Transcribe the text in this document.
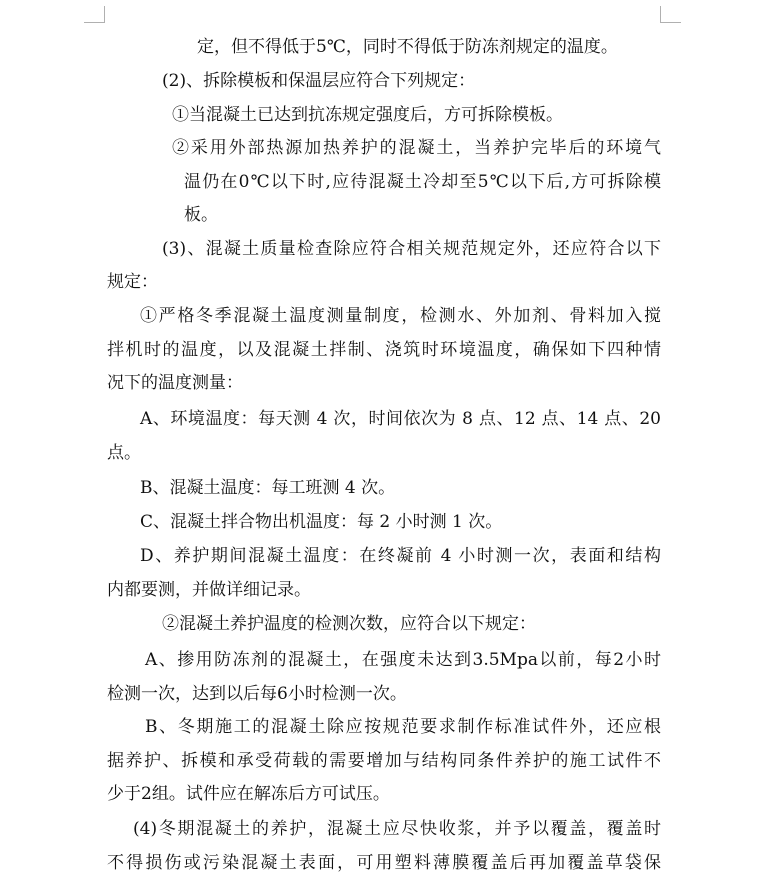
定，但不得低于5℃，同时不得低于防冻剂规定的温度。
(2)、拆除模板和保温层应符合下列规定：
①当混凝土已达到抗冻规定强度后，方可拆除模板。
②采用外部热源加热养护的混凝土，当养护完毕后的环境气
温仍在0℃以下时,应待混凝土冷却至5℃以下后,方可拆除模
板。
(3)、混凝土质量检查除应符合相关规范规定外，还应符合以下
规定：
①严格冬季混凝土温度测量制度，检测水、外加剂、骨料加入搅
拌机时的温度，以及混凝土拌制、浇筑时环境温度，确保如下四种情
况下的温度测量：
A、环境温度：每天测 4 次，时间依次为 8 点、12 点、14 点、20
点。
B、混凝土温度：每工班测 4 次。
C、混凝土拌合物出机温度：每 2 小时测 1 次。
D、养护期间混凝土温度：在终凝前 4 小时测一次，表面和结构
内都要测，并做详细记录。
②混凝土养护温度的检测次数，应符合以下规定：
A、掺用防冻剂的混凝土，在强度未达到3.5Mpa以前，每2小时
检测一次，达到以后每6小时检测一次。
B、冬期施工的混凝土除应按规范要求制作标准试件外，还应根
据养护、拆模和承受荷载的需要增加与结构同条件养护的施工试件不
少于2组。试件应在解冻后方可试压。
(4)冬期混凝土的养护，混凝土应尽快收浆，并予以覆盖，覆盖时
不得损伤或污染混凝土表面，可用塑料薄膜覆盖后再加覆盖草袋保
